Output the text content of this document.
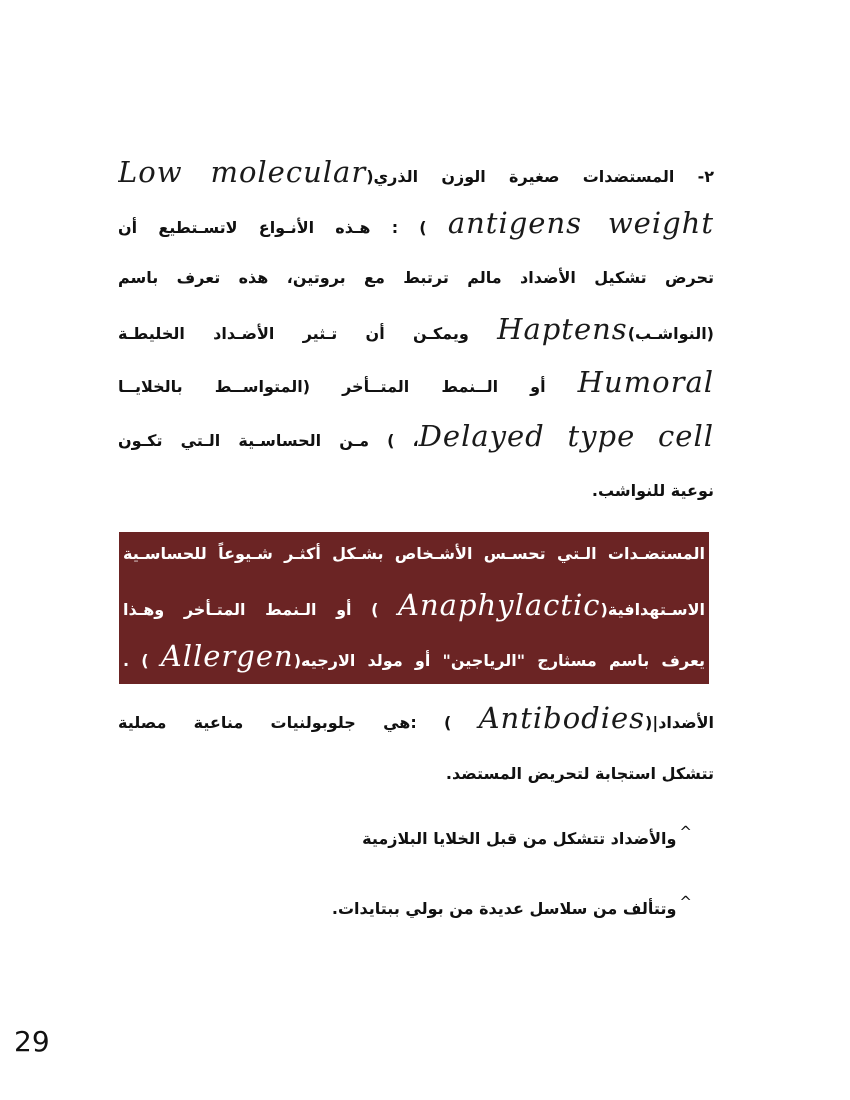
٢- المستضدات صغيرة الوزن الذري(Low molecular
antigens weight ) : هـذه الأنـواع لاتسـتطيع أن
تحرض تشكيل الأضداد مالم ترتبط مع بروتين، هذه تعرف باسم
(النواشـب)Haptens ويمكـن أن تـثير الأضـداد الخليطـة
Humoral أو الــنمط المتــأخر (المتواســط بالخلايــا
Delayed type cell، ) مـن الحساسـية الـتي تكـون
نوعية للنواشب.
المستضـدات الـتي تحسـس الأشـخاص بشـكل أكثـر شـيوعاً للحساسـية
الاسـتهدافية(Anaphylactic ) أو الـنمط المتـأخر وهـذا
يعرف باسم مسثارج "الرياجين" أو مولد الارجيه(Allergen ) .
الأضداد|(Antibodies ) :هي جلوبولنيات مناعية مصلية
تتشكل استجابة لتحريض المستضد.
^والأضداد تتشكل من قبل الخلايا البلازمية
^وتتألف من سلاسل عديدة من بولي ببتايدات.
29
